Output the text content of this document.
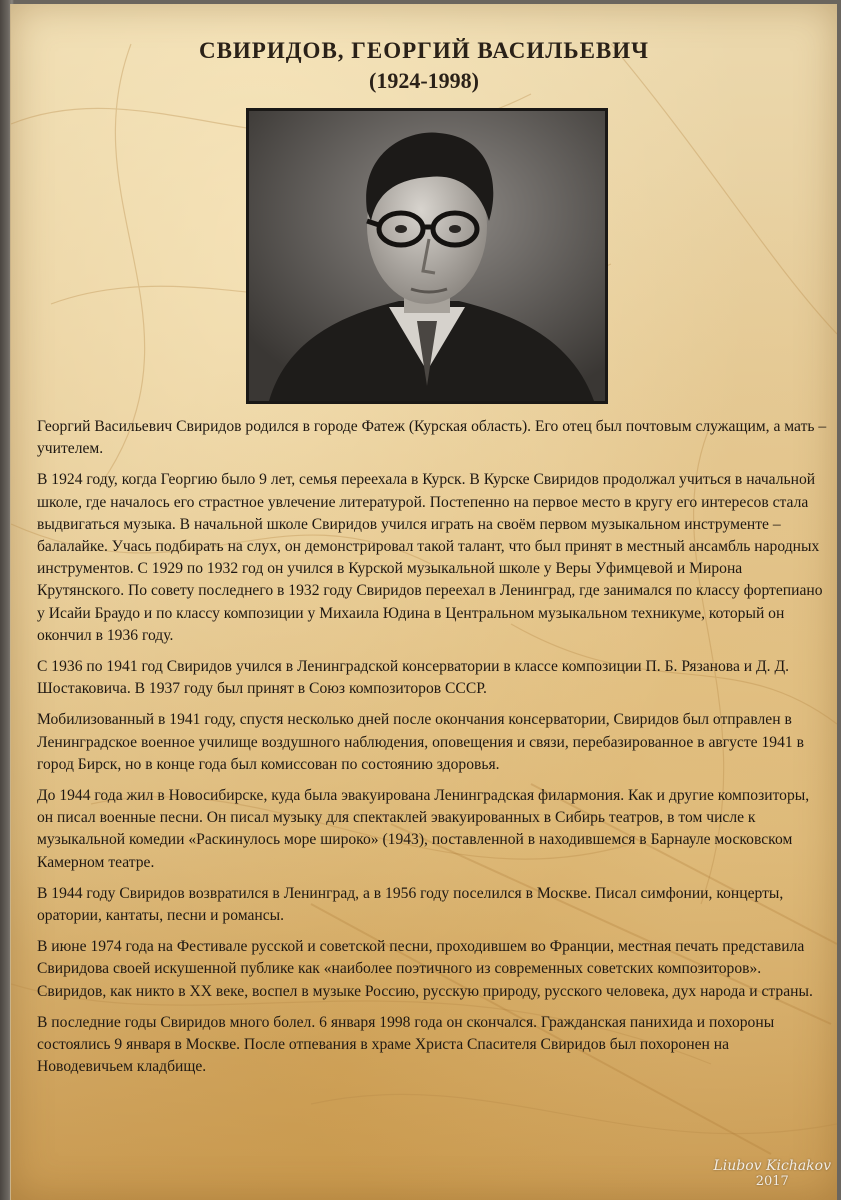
СВИРИДОВ, ГЕОРГИЙ ВАСИЛЬЕВИЧ
(1924-1998)

Георгий Васильевич Свиридов родился в городе Фатеж (Курская область). Его отец был почтовым служащим, а мать – учителем.

В 1924 году, когда Георгию было 9 лет, семья переехала в Курск. В Курске Свиридов продолжал учиться в начальной школе, где началось его страстное увлечение литературой. Постепенно на первое место в кругу его интересов стала выдвигаться музыка. В начальной школе Свиридов учился играть на своём первом музыкальном инструменте – балалайке. Учась подбирать на слух, он демонстрировал такой талант, что был принят в местный ансамбль народных инструментов. С 1929 по 1932 год он учился в Курской музыкальной школе у Веры Уфимцевой и Мирона Крутянского. По совету последнего в 1932 году Свиридов переехал в Ленинград, где занимался по классу фортепиано у Исайи Браудо и по классу композиции у Михаила Юдина в Центральном музыкальном техникуме, который он окончил в 1936 году.

С 1936 по 1941 год Свиридов учился в Ленинградской консерватории в классе композиции П. Б. Рязанова и Д. Д. Шостаковича. В 1937 году был принят в Союз композиторов СССР.

Мобилизованный в 1941 году, спустя несколько дней после окончания консерватории, Свиридов был отправлен в Ленинградское военное училище воздушного наблюдения, оповещения и связи, перебазированное в августе 1941 в город Бирск, но в конце года был комиссован по состоянию здоровья.

До 1944 года жил в Новосибирске, куда была эвакуирована Ленинградская филармония. Как и другие композиторы, он писал военные песни. Он писал музыку для спектаклей эвакуированных в Сибирь театров, в том числе к музыкальной комедии «Раскинулось море широко» (1943), поставленной в находившемся в Барнауле московском Камерном театре.

В 1944 году Свиридов возвратился в Ленинград, а в 1956 году поселился в Москве. Писал симфонии, концерты, оратории, кантаты, песни и романсы.

В июне 1974 года на Фестивале русской и советской песни, проходившем во Франции, местная печать представила Свиридова своей искушенной публике как «наиболее поэтичного из современных советских композиторов». Свиридов, как никто в XX веке, воспел в музыке Россию, русскую природу, русского человека, дух народа и страны.

В последние годы Свиридов много болел. 6 января 1998 года он скончался. Гражданская панихида и похороны состоялись 9 января в Москве. После отпевания в храме Христа Спасителя Свиридов был похоронен на Новодевичьем кладбище.

Liubov Kichakov
2017
